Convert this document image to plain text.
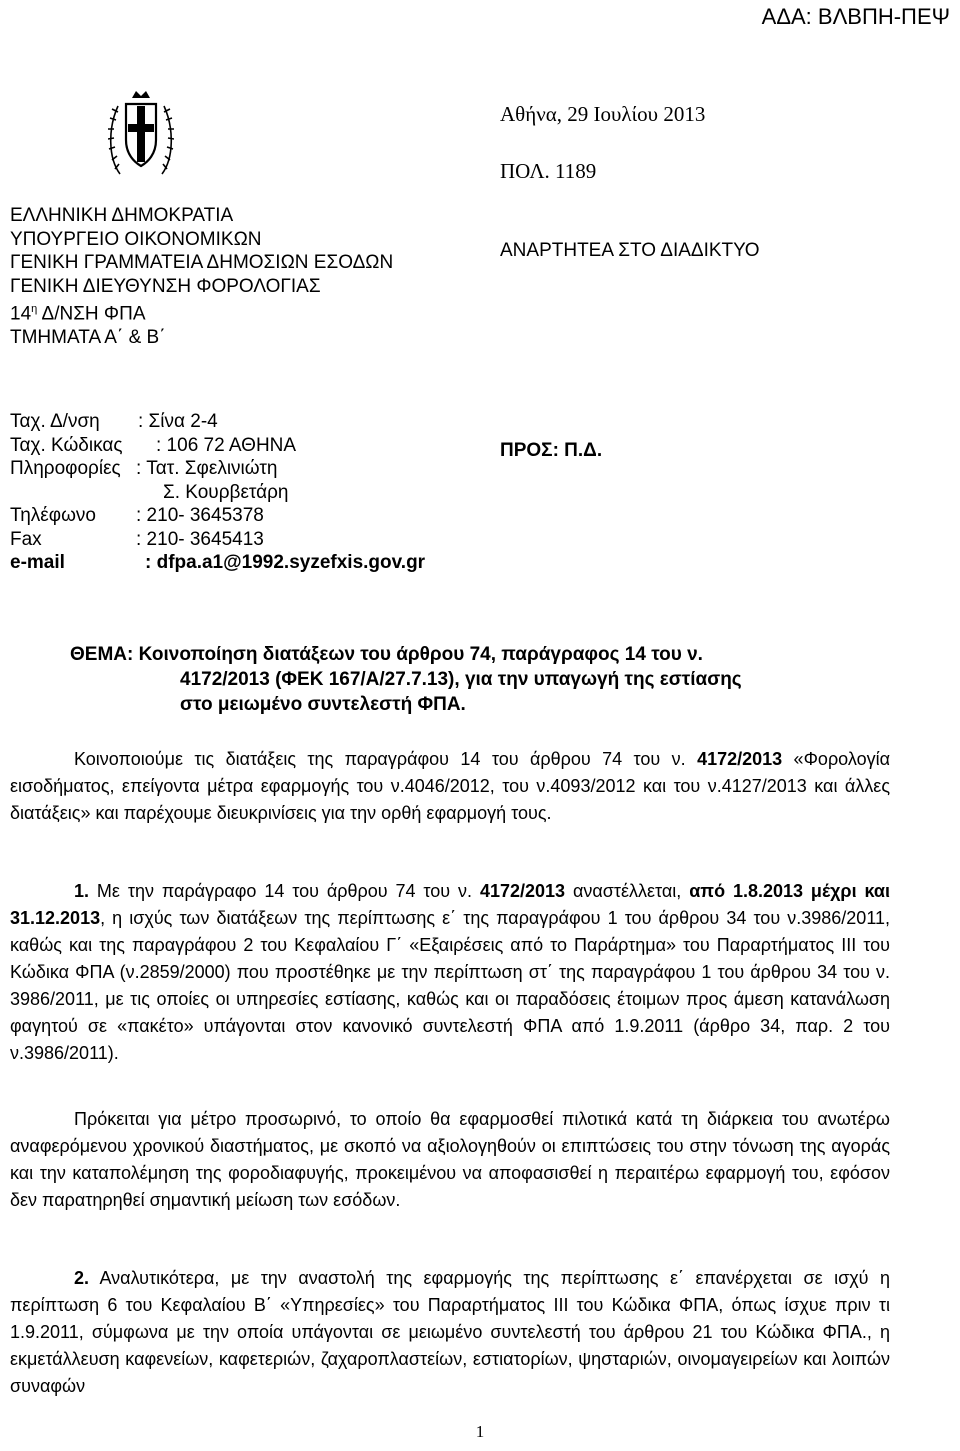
ΑΔΑ: ΒΛΒΠΗ-ΠΕΨ
ΕΛΛΗΝΙΚΗ ΔΗΜΟΚΡΑΤΙΑ
ΥΠΟΥΡΓΕΙΟ ΟΙΚΟΝΟΜΙΚΩΝ
ΓΕΝΙΚΗ ΓΡΑΜΜΑΤΕΙΑ ΔΗΜΟΣΙΩΝ ΕΣΟΔΩΝ
ΓΕΝΙΚΗ ΔΙΕΥΘΥΝΣΗ ΦΟΡΟΛΟΓΙΑΣ
$14^\eta$ Δ/ΝΣΗ ΦΠΑ
ΤΜΗΜΑΤΑ Α΄ & Β΄
Αθήνα, 29 Ιουλίου 2013
ΠΟΛ. 1189
ΑΝΑΡΤΗΤΕΑ ΣΤΟ ΔΙΑΔΙΚΤΥΟ
Ταχ. Δ/νση : Σίνα 2-4
Ταχ. Κώδικας : 106 72 ΑΘΗΝΑ
Πληροφορίες : Τατ. Σφελινιώτη
Σ. Κουρβετάρη
Τηλέφωνο : 210- 3645378
Fax	: 210- 3645413
e-mail	: dfpa.a1@1992.syzefxis.gov.gr
ΠΡΟΣ: Π.Δ.
ΘΕΜΑ: Κοινοποίηση διατάξεων του άρθρου 74, παράγραφος 14 του ν.
4172/2013 (ΦΕΚ 167/Α/27.7.13), για την υπαγωγή της εστίασης
στο μειωμένο συντελεστή ΦΠΑ.
Κοινοποιούμε τις διατάξεις της παραγράφου 14 του άρθρου 74 του ν. 4172/2013 «Φορολογία εισοδήματος, επείγοντα μέτρα εφαρμογής του ν.4046/2012, του ν.4093/2012 και του ν.4127/2013 και άλλες διατάξεις» και παρέχουμε διευκρινίσεις για την ορθή εφαρμογή τους.
1. Με την παράγραφο 14 του άρθρου 74 του ν. 4172/2013 αναστέλλεται, από 1.8.2013 μέχρι και 31.12.2013, η ισχύς των διατάξεων της περίπτωσης ε΄ της παραγράφου 1 του άρθρου 34 του ν.3986/2011, καθώς και της παραγράφου 2 του Κεφαλαίου Γ΄ «Εξαιρέσεις από το Παράρτημα» του Παραρτήματος ΙΙΙ του Κώδικα ΦΠΑ (ν.2859/2000) που προστέθηκε με την περίπτωση στ΄ της παραγράφου 1 του άρθρου 34 του ν. 3986/2011, με τις οποίες οι υπηρεσίες εστίασης, καθώς και οι παραδόσεις έτοιμων προς άμεση κατανάλωση φαγητού σε «πακέτο» υπάγονται στον κανονικό συντελεστή ΦΠΑ από 1.9.2011 (άρθρο 34, παρ. 2 του ν.3986/2011).
Πρόκειται για μέτρο προσωρινό, το οποίο θα εφαρμοσθεί πιλοτικά κατά τη διάρκεια του ανωτέρω αναφερόμενου χρονικού διαστήματος, με σκοπό να αξιολογηθούν οι επιπτώσεις του στην τόνωση της αγοράς και την καταπολέμηση της φοροδιαφυγής, προκειμένου να αποφασισθεί η περαιτέρω εφαρμογή του, εφόσον δεν παρατηρηθεί σημαντική μείωση των εσόδων.
2. Αναλυτικότερα, με την αναστολή της εφαρμογής της περίπτωσης ε΄ επανέρχεται σε ισχύ η περίπτωση 6 του Κεφαλαίου Β΄ «Υπηρεσίες» του Παραρτήματος ΙΙΙ του Κώδικα ΦΠΑ, όπως ίσχυε πριν τι 1.9.2011, σύμφωνα με την οποία υπάγονται σε μειωμένο συντελεστή του άρθρου 21 του Κώδικα ΦΠΑ., η εκμετάλλευση καφενείων, καφετεριών, ζαχαροπλαστείων, εστιατορίων, ψησταριών, οινομαγειρείων και λοιπών συναφών
1
